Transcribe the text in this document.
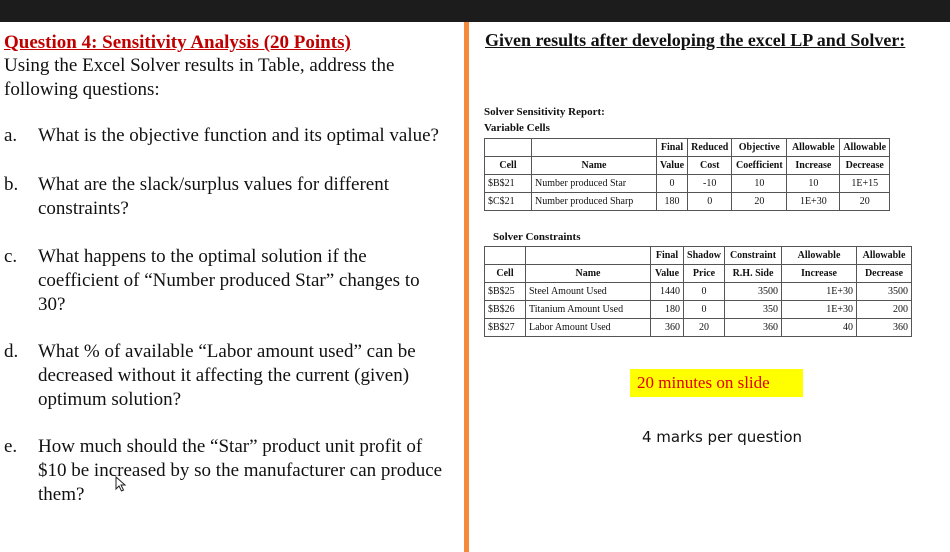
Question 4: Sensitivity Analysis (20 Points)
Using the Excel Solver results in Table, address the following questions:
a. What is the objective function and its optimal value?
b. What are the slack/surplus values for different constraints?
c. What happens to the optimal solution if the coefficient of “Number produced Star” changes to 30?
d. What % of available “Labor amount used” can be decreased without it affecting the current (given) optimum solution?
e. How much should the “Star” product unit profit of $10 be increased by so the manufacturer can produce them?
Given results after developing the excel LP and Solver:
Solver Sensitivity Report:
Variable Cells
		Final	Reduced	Objective	Allowable	Allowable
Cell	Name	Value	Cost	Coefficient	Increase	Decrease
$B$21	Number produced Star	0	-10	10	10	1E+15
$C$21	Number produced Sharp	180	0	20	1E+30	20
Solver Constraints
		Final	Shadow	Constraint	Allowable	Allowable
Cell	Name	Value	Price	R.H. Side	Increase	Decrease
$B$25	Steel Amount Used	1440	0	3500	1E+30	3500
$B$26	Titanium Amount Used	180	0	350	1E+30	200
$B$27	Labor Amount Used	360	20	360	40	360
20 minutes on slide
4 marks per question
